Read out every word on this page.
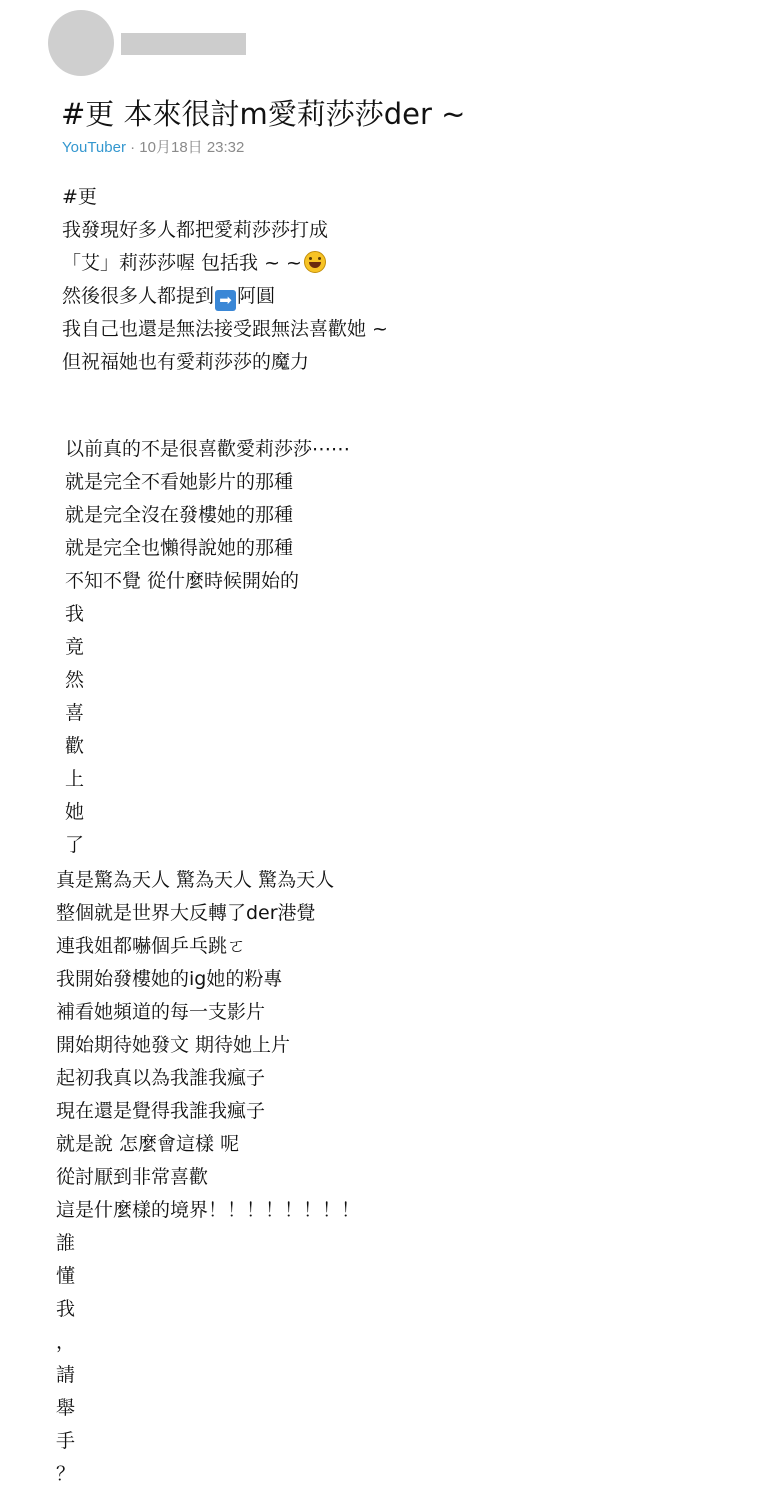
#更 本來很討m愛莉莎莎der ~
YouTuber · 10月18日 23:32
#更
我發現好多人都把愛莉莎莎打成
「艾」莉莎莎喔 包括我 ~ ~
然後很多人都提到 ➡ 阿圓
我自己也還是無法接受跟無法喜歡她 ~
但祝福她也有愛莉莎莎的魔力
以前真的不是很喜歡愛莉莎莎⋯⋯
就是完全不看她影片的那種
就是完全沒在發樓她的那種
就是完全也懶得說她的那種
不知不覺 從什麼時候開始的
我
竟
然
喜
歡
上
她
了
真是驚為天人 驚為天人 驚為天人
整個就是世界大反轉了der港覺
連我姐都嚇個乒乓跳ㄛ
我開始發樓她的ig她的粉專
補看她頻道的每一支影片
開始期待她發文 期待她上片
起初我真以為我誰我瘋子
現在還是覺得我誰我瘋子
就是說 怎麼會這樣 呢
從討厭到非常喜歡
這是什麼樣的境界！！！！！！！！
誰
懂
我
，
請
舉
手
？
